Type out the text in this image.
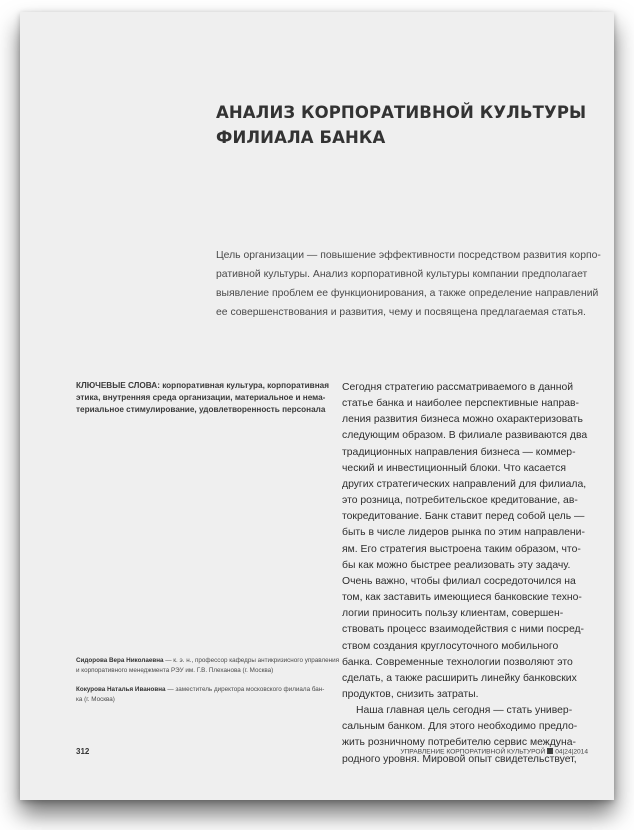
АНАЛИЗ КОРПОРАТИВНОЙ КУЛЬТУРЫ
ФИЛИАЛА БАНКА
Цель организации — повышение эффективности посредством развития корпо-
ративной культуры. Анализ корпоративной культуры компании предполагает
выявление проблем ее функционирования, а также определение направлений
ее совершенствования и развития, чему и посвящена предлагаемая статья.
КЛЮЧЕВЫЕ СЛОВА: корпоративная культура, корпоративная
этика, внутренняя среда организации, материальное и нема-
териальное стимулирование, удовлетворенность персонала
Сегодня стратегию рассматриваемого в данной
статье банка и наиболее перспективные направ-
ления развития бизнеса можно охарактеризовать
следующим образом. В филиале развиваются два
традиционных направления бизнеса — коммер-
ческий и инвестиционный блоки. Что касается
других стратегических направлений для филиала,
это розница, потребительское кредитование, ав-
токредитование. Банк ставит перед собой цель —
быть в числе лидеров рынка по этим направлени-
ям. Его стратегия выстроена таким образом, что-
бы как можно быстрее реализовать эту задачу.
Очень важно, чтобы филиал сосредоточился на
том, как заставить имеющиеся банковские техно-
логии приносить пользу клиентам, совершен-
ствовать процесс взаимодействия с ними посред-
ством создания круглосуточного мобильного
банка. Современные технологии позволяют это
сделать, а также расширить линейку банковских
продуктов, снизить затраты.
Наша главная цель сегодня — стать универ-
сальным банком. Для этого необходимо предло-
жить розничному потребителю сервис междуна-
родного уровня. Мировой опыт свидетельствует,
Сидорова Вера Николаевна — к. э. н., профессор кафедры антикризисного управления
и корпоративного менеджмента РЭУ им. Г.В. Плеханова (г. Москва)
Кокурова Наталья Ивановна — заместитель директора московского филиала бан-
ка (г. Москва)
312	УПРАВЛЕНИЕ КОРПОРАТИВНОЙ КУЛЬТУРОЙ 04|24|2014
